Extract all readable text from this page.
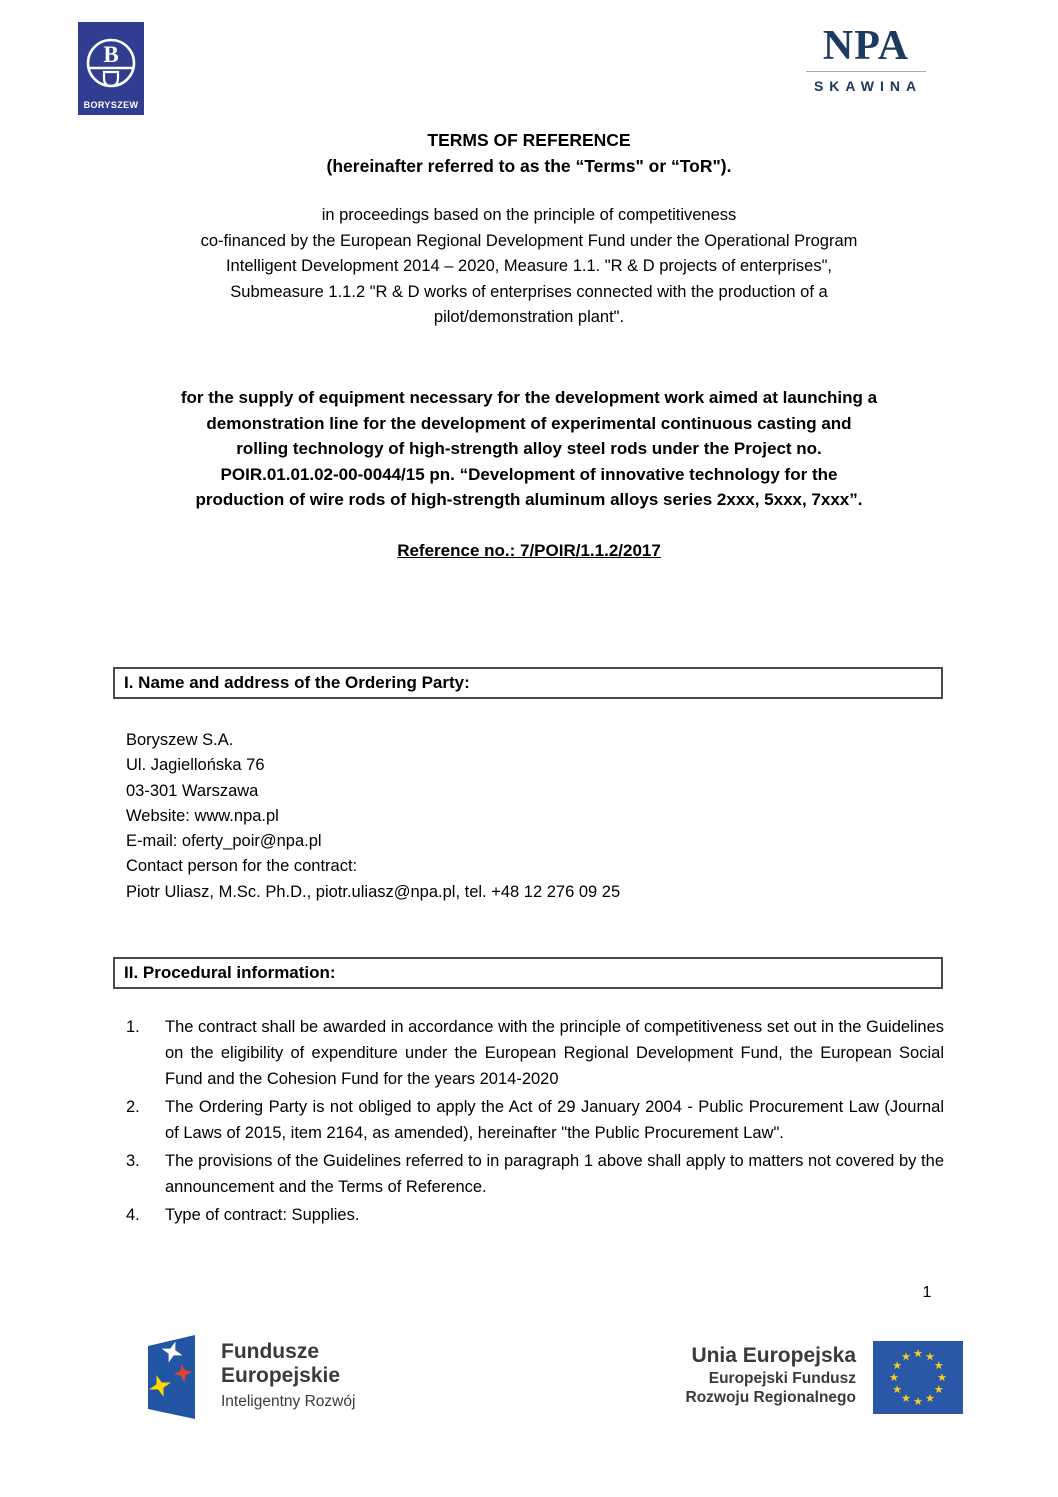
B
BORYSZEW
NPA
SKAWINA
TERMS OF REFERENCE
(hereinafter referred to as the “Terms" or “ToR").
in proceedings based on the principle of competitiveness
co-financed by the European Regional Development Fund under the Operational Program
Intelligent Development 2014 – 2020, Measure 1.1. "R & D projects of enterprises",
Submeasure 1.1.2 "R & D works of enterprises connected with the production of a
pilot/demonstration plant".
for the supply of equipment necessary for the development work aimed at launching a
demonstration line for the development of experimental continuous casting and
rolling technology of high-strength alloy steel rods under the Project no.
POIR.01.01.02-00-0044/15 pn. “Development of innovative technology for the
production of wire rods of high-strength aluminum alloys series 2xxx, 5xxx, 7xxx”.
Reference no.: 7/POIR/1.1.2/2017
I. Name and address of the Ordering Party:
Boryszew S.A.
Ul. Jagiellońska 76
03-301 Warszawa
Website: www.npa.pl
E-mail: oferty_poir@npa.pl
Contact person for the contract:
Piotr Uliasz, M.Sc. Ph.D., piotr.uliasz@npa.pl, tel. +48 12 276 09 25
II. Procedural information:
1.	The contract shall be awarded in accordance with the principle of competitiveness set out in the Guidelines on the eligibility of expenditure under the European Regional Development Fund, the European Social Fund and the Cohesion Fund for the years 2014-2020
2.	The Ordering Party is not obliged to apply the Act of 29 January 2004 - Public Procurement Law (Journal of Laws of 2015, item 2164, as amended), hereinafter "the Public Procurement Law".
3.	The provisions of the Guidelines referred to in paragraph 1 above shall apply to matters not covered by the announcement and the Terms of Reference.
4.	Type of contract: Supplies.
1
Fundusze
Europejskie
Inteligentny Rozwój
Unia Europejska
Europejski Fundusz
Rozwoju Regionalnego
